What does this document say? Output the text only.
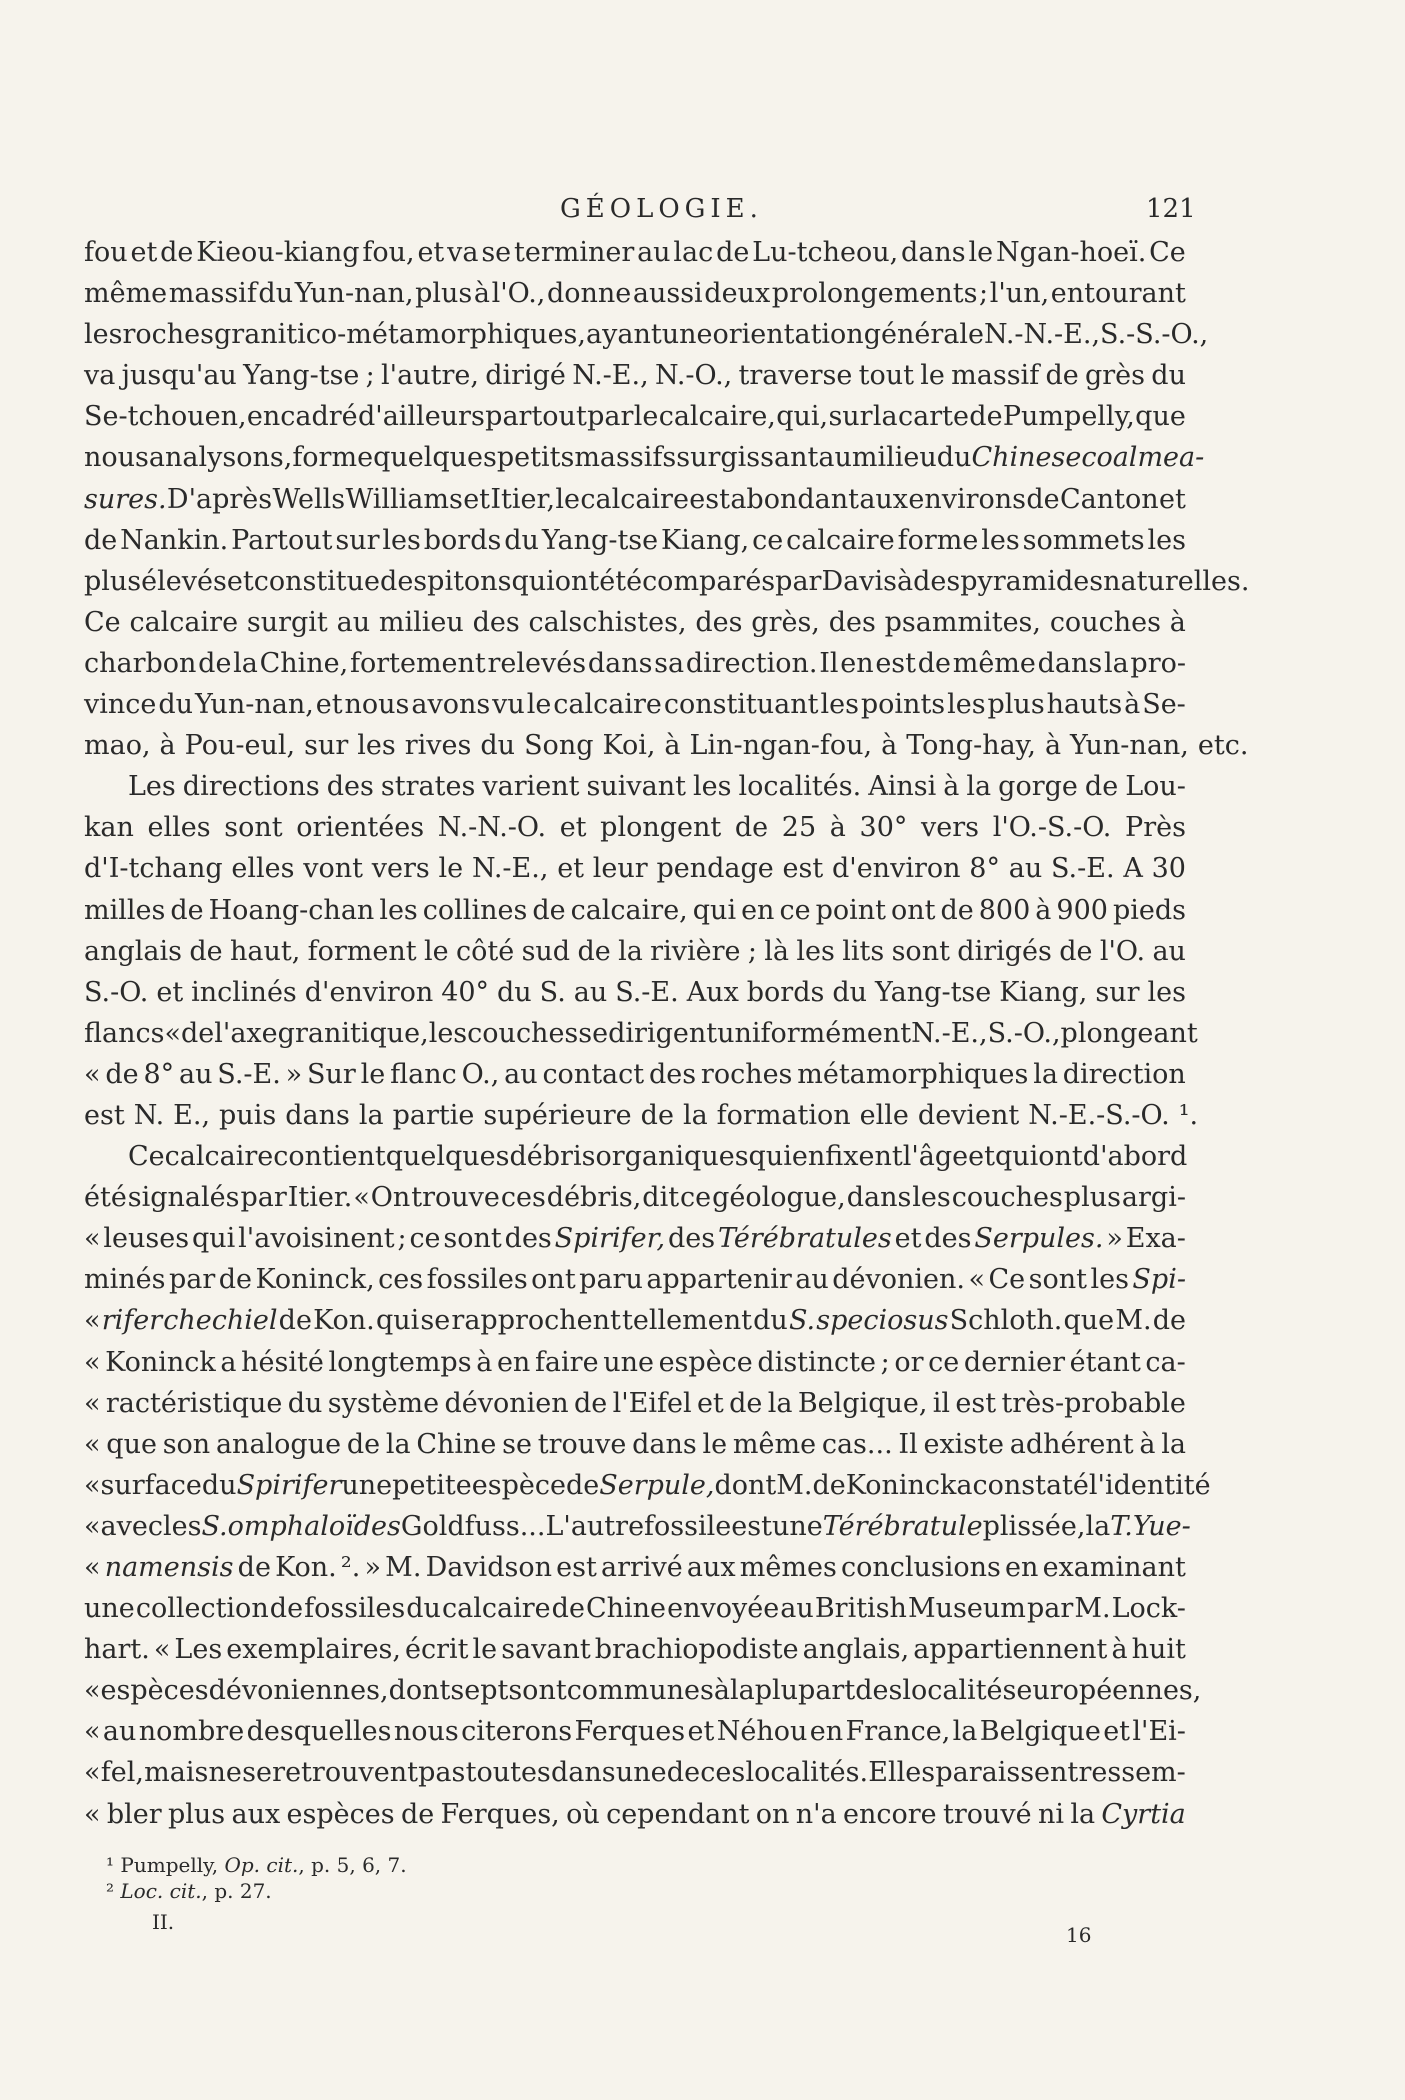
GÉOLOGIE.	121
fou et de Kieou-kiang fou, et va se terminer au lac de Lu-tcheou, dans le Ngan-hoeï. Ce
même massif du Yun-nan, plus à l'O., donne aussi deux prolongements ; l'un, entourant
les roches granitico-métamorphiques, ayant une orientation générale N.-N.-E., S.-S.-O.,
va jusqu'au Yang-tse ; l'autre, dirigé N.-E., N.-O., traverse tout le massif de grès du
Se-tchouen, encadré d'ailleurs partout par le calcaire, qui, sur la carte de Pumpelly, que
nous analysons, forme quelques petits massifs surgissant au milieu du Chinese coal mea-
sures. D'après Wells Williams et Itier, le calcaire est abondant aux environs de Canton et
de Nankin. Partout sur les bords du Yang-tse Kiang, ce calcaire forme les sommets les
plus élevés et constitue des pitons qui ont été comparés par Davis à des pyramides naturelles.
Ce calcaire surgit au milieu des calschistes, des grès, des psammites, couches à
charbon de la Chine, fortement relevés dans sa direction. Il en est de même dans la pro-
vince du Yun-nan, et nous avons vu le calcaire constituant les points les plus hauts à Se-
mao, à Pou-eul, sur les rives du Song Koi, à Lin-ngan-fou, à Tong-hay, à Yun-nan, etc.
Les directions des strates varient suivant les localités. Ainsi à la gorge de Lou-
kan elles sont orientées N.-N.-O. et plongent de 25 à 30° vers l'O.-S.-O. Près
d'I-tchang elles vont vers le N.-E., et leur pendage est d'environ 8° au S.-E. A 30
milles de Hoang-chan les collines de calcaire, qui en ce point ont de 800 à 900 pieds
anglais de haut, forment le côté sud de la rivière ; là les lits sont dirigés de l'O. au
S.-O. et inclinés d'environ 40° du S. au S.-E. Aux bords du Yang-tse Kiang, sur les
flancs « de l'axe granitique, les couches se dirigent uniformément N.-E., S.-O., plongeant
« de 8° au S.-E. » Sur le flanc O., au contact des roches métamorphiques la direction
est N. E., puis dans la partie supérieure de la formation elle devient N.-E.-S.-O. ¹.
Ce calcaire contient quelques débris organiques qui en fixent l'âge et qui ont d'abord
été signalés par Itier. « On trouve ces débris, dit ce géologue, dans les couches plus argi-
« leuses qui l'avoisinent ; ce sont des Spirifer, des Térébratules et des Serpules. » Exa-
minés par de Koninck, ces fossiles ont paru appartenir au dévonien. « Ce sont les Spi-
« rifer chechiel de Kon. qui se rapprochent tellement du S. speciosus Schloth. que M. de
« Koninck a hésité longtemps à en faire une espèce distincte ; or ce dernier étant ca-
« ractéristique du système dévonien de l'Eifel et de la Belgique, il est très-probable
« que son analogue de la Chine se trouve dans le même cas... Il existe adhérent à la
« surface du Spirifer une petite espèce de Serpule, dont M. de Koninck a constaté l'identité
« avec les S. omphaloïdes Goldfuss... L'autre fossile est une Térébratule plissée, la T. Yue-
« namensis de Kon. ². » M. Davidson est arrivé aux mêmes conclusions en examinant
une collection de fossiles du calcaire de Chine envoyée au British Museum par M. Lock-
hart. « Les exemplaires, écrit le savant brachiopodiste anglais, appartiennent à huit
« espèces dévoniennes, dont sept sont communes à la plupart des localités européennes,
« au nombre desquelles nous citerons Ferques et Néhou en France, la Belgique et l'Ei-
« fel, mais ne se retrouvent pas toutes dans une de ces localités. Elles paraissent ressem-
« bler plus aux espèces de Ferques, où cependant on n'a encore trouvé ni la Cyrtia
¹ Pumpelly, Op. cit., p. 5, 6, 7.
² Loc. cit., p. 27.
II.
16
